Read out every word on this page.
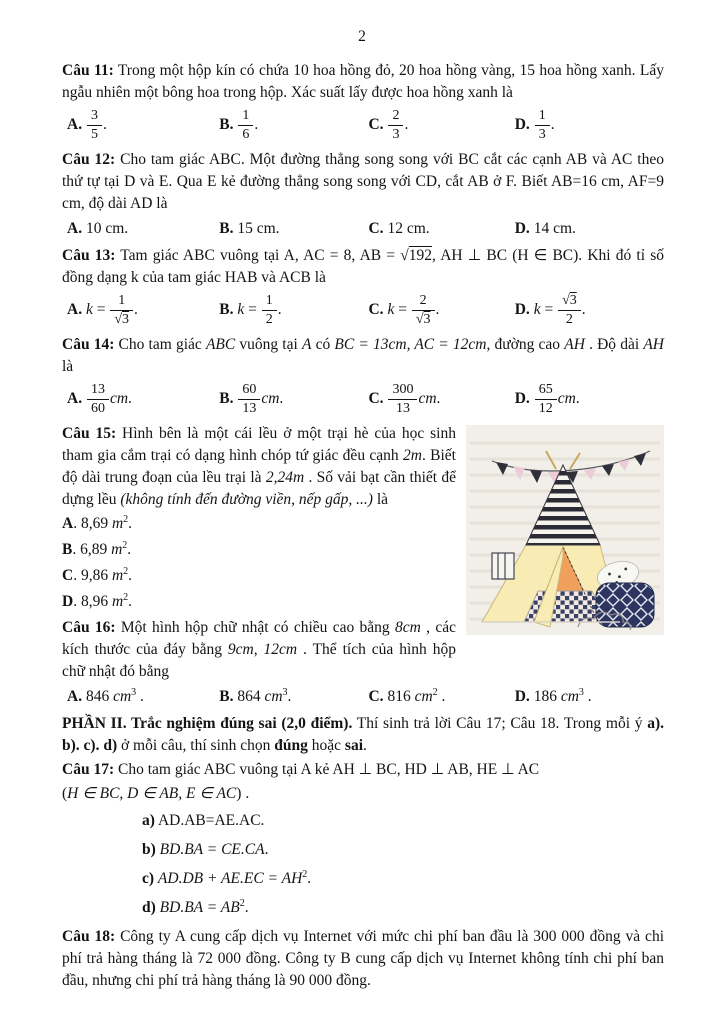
2

Câu 11: Trong một hộp kín có chứa 10 hoa hồng đỏ, 20 hoa hồng vàng, 15 hoa hồng xanh. Lấy ngẫu nhiên một bông hoa trong hộp. Xác suất lấy được hoa hồng xanh là

A. $\frac{3}{5}$ .	B. $\frac{1}{6}$ .	C. $\frac{2}{3}$ .	D. $\frac{1}{3}$ .

Câu 12: Cho tam giác ABC. Một đường thẳng song song với BC cắt các cạnh AB và AC theo thứ tự tại D và E. Qua E kẻ đường thẳng song song với CD, cắt AB ở F. Biết AB=16 cm, AF=9 cm, độ dài AD là

A. 10 cm.	B. 15 cm.	C. 12 cm.	D. 14 cm.

Câu 13: Tam giác ABC vuông tại A, AC = 8, AB = √192, AH ⊥ BC (H ∈ BC). Khi đó tỉ số đồng dạng k của tam giác HAB và ACB là

A. $k = \frac{1}{√3}$ .	B. $k = \frac{1}{2}$ .	C. $k = \frac{2}{√3}$ .	D. $k = \frac{√3}{2}$ .

Câu 14: Cho tam giác ABC vuông tại A có BC = 13cm, AC = 12cm, đường cao AH . Độ dài AH là

A. $\frac{13}{60}$ cm.	B. $\frac{60}{13}$ cm.	C. $\frac{300}{13}$ cm.	D. $\frac{65}{12}$ cm.

Câu 15: Hình bên là một cái lều ở một trại hè của học sinh tham gia cắm trại có dạng hình chóp tứ giác đều cạnh 2m. Biết độ dài trung đoạn của lều trại là 2,24m . Số vải bạt cần thiết để dựng lều (không tính đến đường viền, nếp gấp, ...) là

A. 8,69 $m^2$.

B. 6,89 $m^2$.

C. 9,86 $m^2$.

D. 8,96 $m^2$.

Câu 16: Một hình hộp chữ nhật có chiều cao bằng 8cm , các kích thước của đáy bằng 9cm, 12cm . Thể tích của hình hộp chữ nhật đó bằng

A. 846 $cm^3$ .	B. 864 $cm^3$.	C. 816 $cm^2$ .	D. 186 $cm^3$ .

PHẦN II. Trắc nghiệm đúng sai (2,0 điểm). Thí sinh trả lời Câu 17; Câu 18. Trong mỗi ý a). b). c). d) ở mỗi câu, thí sinh chọn đúng hoặc sai.

Câu 17: Cho tam giác ABC vuông tại A kẻ AH ⊥ BC, HD ⊥ AB, HE ⊥ AC

(H ∈ BC, D ∈ AB, E ∈ AC) .

a) AD.AB=AE.AC.

b) BD.BA = CE.CA.

c) $AD.DB + AE.EC = AH^2$.

d) $BD.BA = AB^2$.

Câu 18: Công ty A cung cấp dịch vụ Internet với mức chi phí ban đầu là 300 000 đồng và chi phí trả hàng tháng là 72 000 đồng. Công ty B cung cấp dịch vụ Internet không tính chi phí ban đầu, nhưng chi phí trả hàng tháng là 90 000 đồng.
